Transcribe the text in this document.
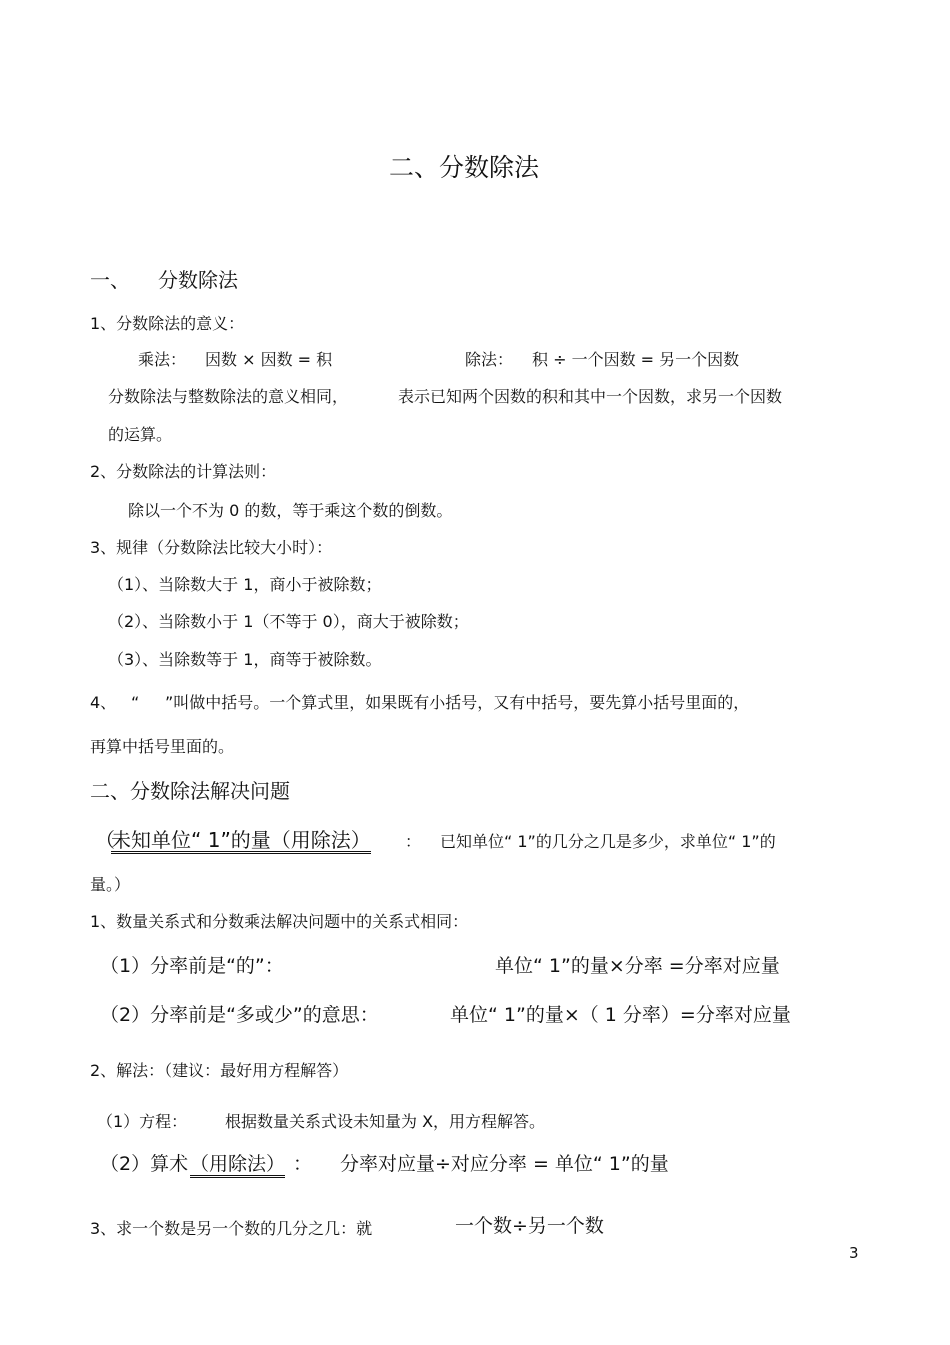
二、分数除法
一、 分数除法
1、分数除法的意义：
乘法： 因数 × 因数 = 积	除法： 积 ÷ 一个因数 = 另一个因数
分数除法与整数除法的意义相同，	表示已知两个因数的积和其中一个因数，求另一个因数
的运算。
2、分数除法的计算法则：
除以一个不为 0 的数，等于乘这个数的倒数。
3、规律（分数除法比较大小时）：
（1）、当除数大于 1，商小于被除数；
（2）、当除数小于 1（不等于 0），商大于被除数；
（3）、当除数等于 1，商等于被除数。
4、 “ ”叫做中括号。一个算式里，如果既有小括号，又有中括号，要先算小括号里面的，
再算中括号里面的。
二、分数除法解决问题
（
未知单位“ 1”的量（用除法） ： 已知单位“ 1”的几分之几是多少，求单位“ 1”的
量。）
1、数量关系式和分数乘法解决问题中的关系式相同：
（1）分率前是“的”：	单位“ 1”的量×分率 =分率对应量
（2）分率前是“多或少”的意思：	单位“ 1”的量×（ 1 分率）=分率对应量
2、解法：（建议：最好用方程解答）
（1）方程： 根据数量关系式设未知量为 X，用方程解答。
（2）算术 （用除法） ： 分率对应量÷对应分率 = 单位“ 1”的量
3、求一个数是另一个数的几分之几：就	一个数÷另一个数
3
